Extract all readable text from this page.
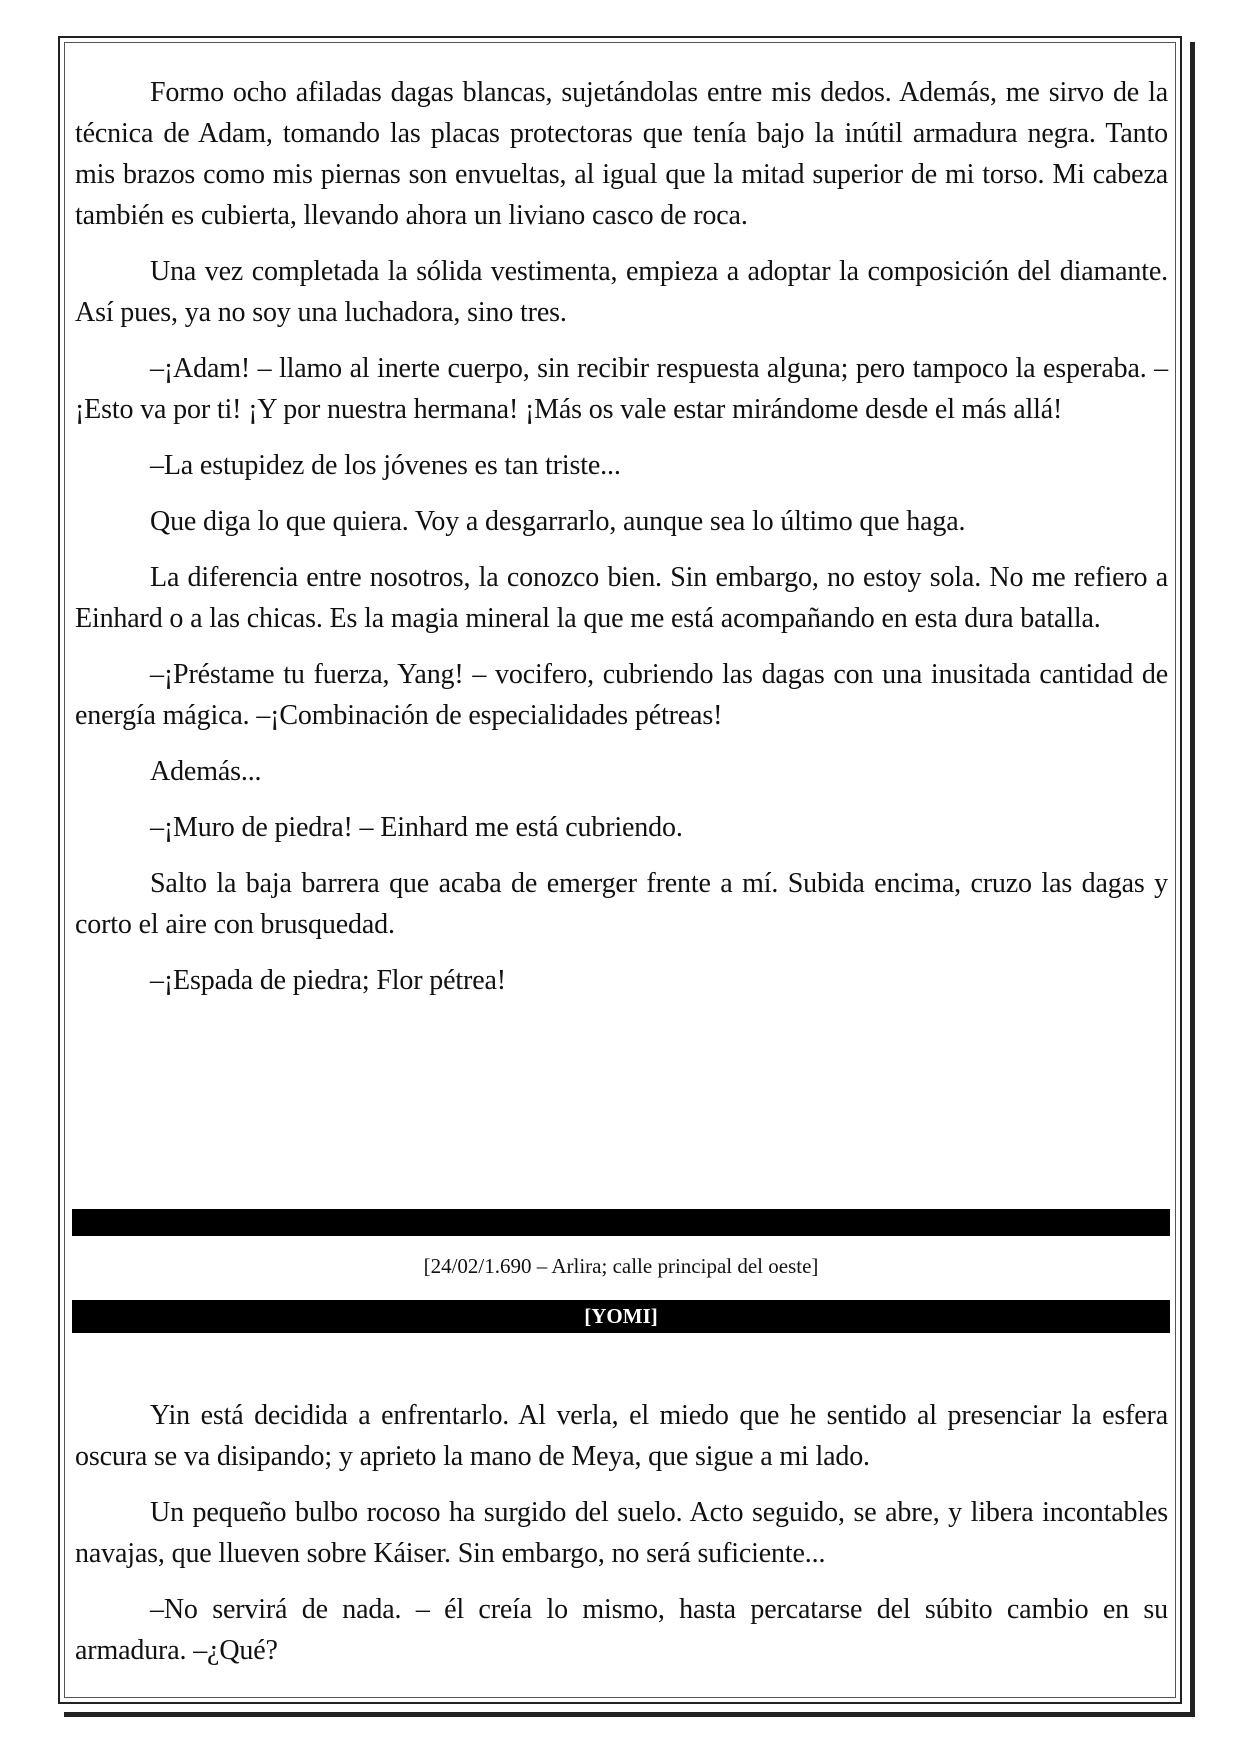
Formo ocho afiladas dagas blancas, sujetándolas entre mis dedos. Además, me sirvo de la técnica de Adam, tomando las placas protectoras que tenía bajo la inútil armadura negra. Tanto mis brazos como mis piernas son envueltas, al igual que la mitad superior de mi torso. Mi cabeza también es cubierta, llevando ahora un liviano casco de roca.

Una vez completada la sólida vestimenta, empieza a adoptar la composición del diamante. Así pues, ya no soy una luchadora, sino tres.

–¡Adam! – llamo al inerte cuerpo, sin recibir respuesta alguna; pero tampoco la esperaba. –¡Esto va por ti! ¡Y por nuestra hermana! ¡Más os vale estar mirándome desde el más allá!

–La estupidez de los jóvenes es tan triste...

Que diga lo que quiera. Voy a desgarrarlo, aunque sea lo último que haga.

La diferencia entre nosotros, la conozco bien. Sin embargo, no estoy sola. No me refiero a Einhard o a las chicas. Es la magia mineral la que me está acompañando en esta dura batalla.

–¡Préstame tu fuerza, Yang! – vocifero, cubriendo las dagas con una inusitada cantidad de energía mágica. –¡Combinación de especialidades pétreas!

Además...

–¡Muro de piedra! – Einhard me está cubriendo.

Salto la baja barrera que acaba de emerger frente a mí. Subida encima, cruzo las dagas y corto el aire con brusquedad.

–¡Espada de piedra; Flor pétrea!

[24/02/1.690 – Arlira; calle principal del oeste]
[YOMI]

Yin está decidida a enfrentarlo. Al verla, el miedo que he sentido al presenciar la esfera oscura se va disipando; y aprieto la mano de Meya, que sigue a mi lado.

Un pequeño bulbo rocoso ha surgido del suelo. Acto seguido, se abre, y libera incontables navajas, que llueven sobre Káiser. Sin embargo, no será suficiente...

–No servirá de nada. – él creía lo mismo, hasta percatarse del súbito cambio en su armadura. –¿Qué?
